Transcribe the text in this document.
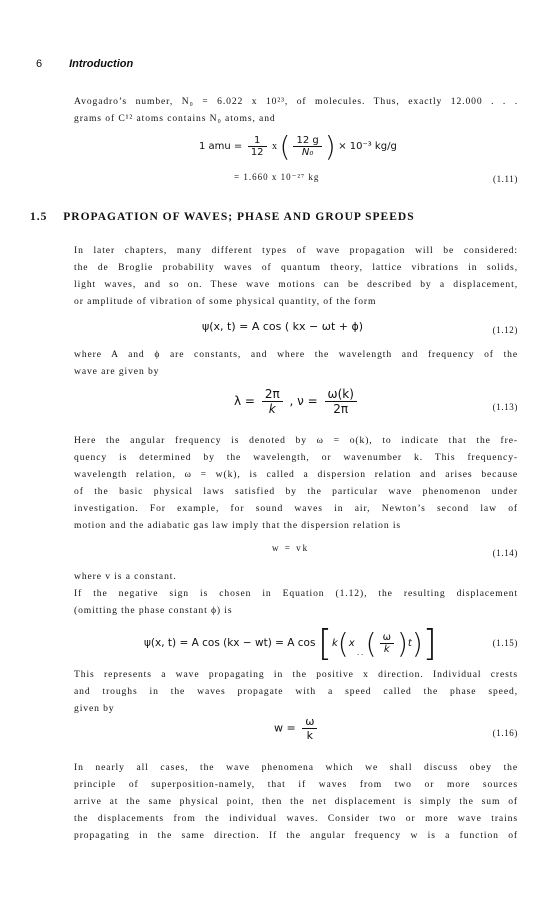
6 Introduction

Avogadro’s number, N₀ = 6.022 x 10²³, of molecules. Thus, exactly 12.000 . . .

grams of C¹² atoms contains N₀ atoms, and

1 amu = $\frac{1}{12}$ x ( $\frac{12 g}{\text{N₀}}$ ) × 10⁻³ kg/g
= 1.660 x 10⁻²⁷ kg	(1.11)
1.5 PROPAGATION OF WAVES; PHASE AND GROUP SPEEDS

In later chapters, many different types of wave propagation will be considered:

the de Broglie probability waves of quantum theory, lattice vibrations in solids,

light waves, and so on. These wave motions can be described by a displacement,

or amplitude of vibration of some physical quantity, of the form

ψ(x, t) = A cos ( kx − ωt + ϕ)	(1.12)

where A and ϕ are constants, and where the wavelength and frequency of the

wave are given by

$\lambda = \frac{2\pi}{k}$ , $\nu = \frac{\omega(k)}{2\pi}$	(1.13)

Here the angular frequency is denoted by ω = ο(k), to indicate that the fre-

quency is determined by the wavelength, or wavenumber k. This frequency-

wavelength relation, ω = w(k), is called a dispersion relation and arises because

of the basic physical laws satisfied by the particular wave phenomenon under

investigation. For example, for sound waves in air, Newton’s second law of

motion and the adiabatic gas law imply that the dispersion relation is

w = vk	(1.14)

where v is a constant.

If the negative sign is chosen in Equation (1.12), the resulting displacement

(omitting the phase constant ϕ) is

ψ(x, t) = A cos (kx − wt) = A cos [k(x $_{. .}$ ( $\frac{\omega}{k} )t$)]	(1.15)

This represents a wave propagating in the positive x direction. Individual crests

and troughs in the waves propagate with a speed called the phase speed,

given by

$w = \frac{\omega}{k}$	(1.16)

In nearly all cases, the wave phenomena which we shall discuss obey the

principle of superposition-namely, that if waves from two or more sources

arrive at the same physical point, then the net displacement is simply the sum of

the displacements from the individual waves. Consider two or more wave trains

propagating in the same direction. If the angular frequency w is a function of
